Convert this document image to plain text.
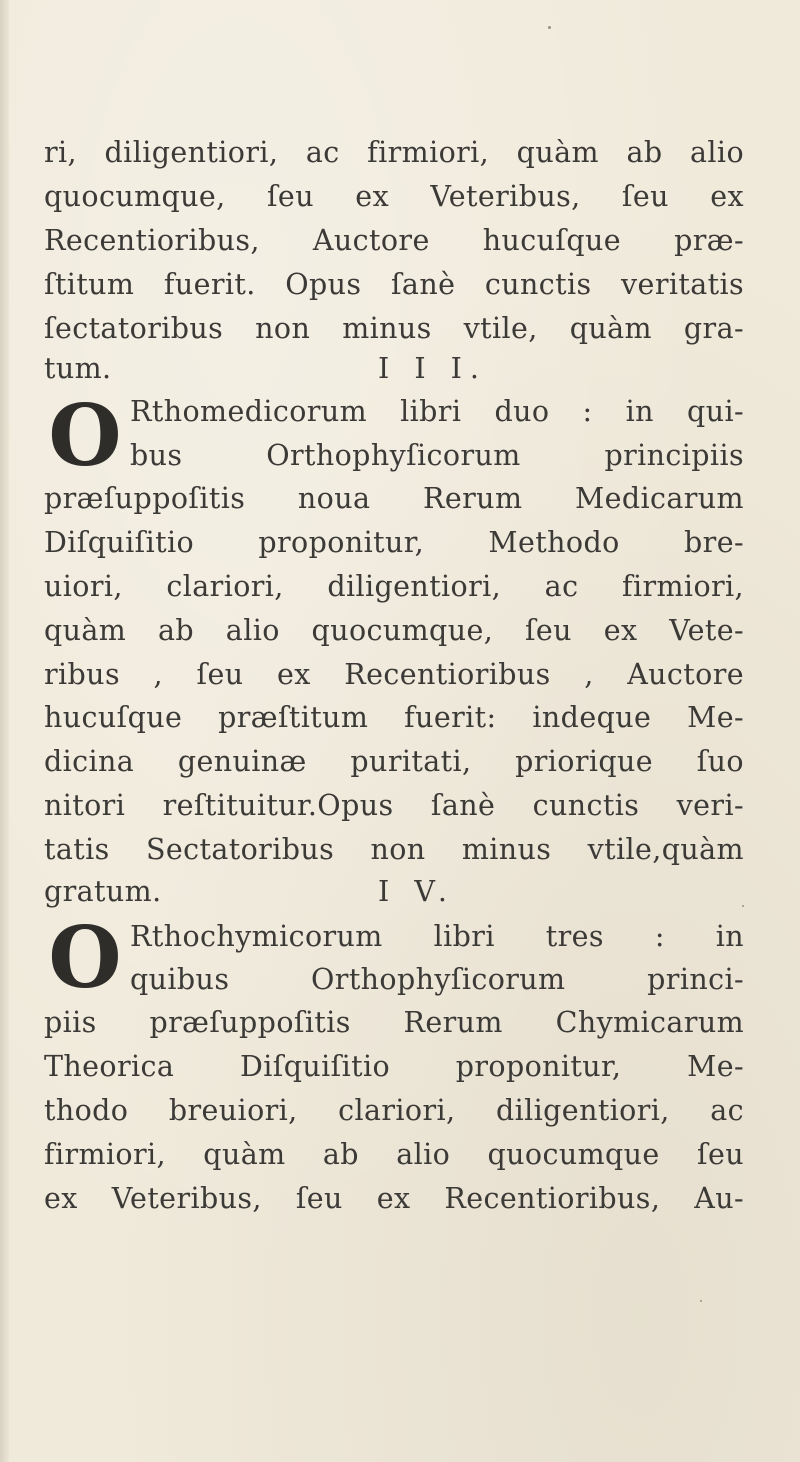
ri, diligentiori, ac firmiori, quàm ab alio
quocumque, ſeu ex Veteribus, ſeu ex
Recentioribus, Auctore hucuſque præ-
ſtitum fuerit. Opus ſanè cunctis veritatis
ſectatoribus non minus vtile, quàm gra-
tum.
Rthomedicorum libri duo : in qui-
bus Orthophyſicorum principiis
præſuppoſitis noua Rerum Medicarum
Diſquiſitio proponitur, Methodo bre-
uiori, clariori, diligentiori, ac firmiori,
quàm ab alio quocumque, ſeu ex Vete-
ribus , ſeu ex Recentioribus , Auctore
hucuſque præſtitum fuerit: indeque Me-
dicina genuinæ puritati, priorique ſuo
nitori reſtituitur.Opus ſanè cunctis veri-
tatis Sectatoribus non minus vtile,quàm
gratum.
Rthochymicorum libri tres : in
quibus Orthophyſicorum princi-
piis præſuppoſitis Rerum Chymicarum
Theorica Diſquiſitio proponitur, Me-
thodo breuiori, clariori, diligentiori, ac
firmiori, quàm ab alio quocumque ſeu
ex Veteribus, ſeu ex Recentioribus, Au-
I I I.
I V.
O
O
